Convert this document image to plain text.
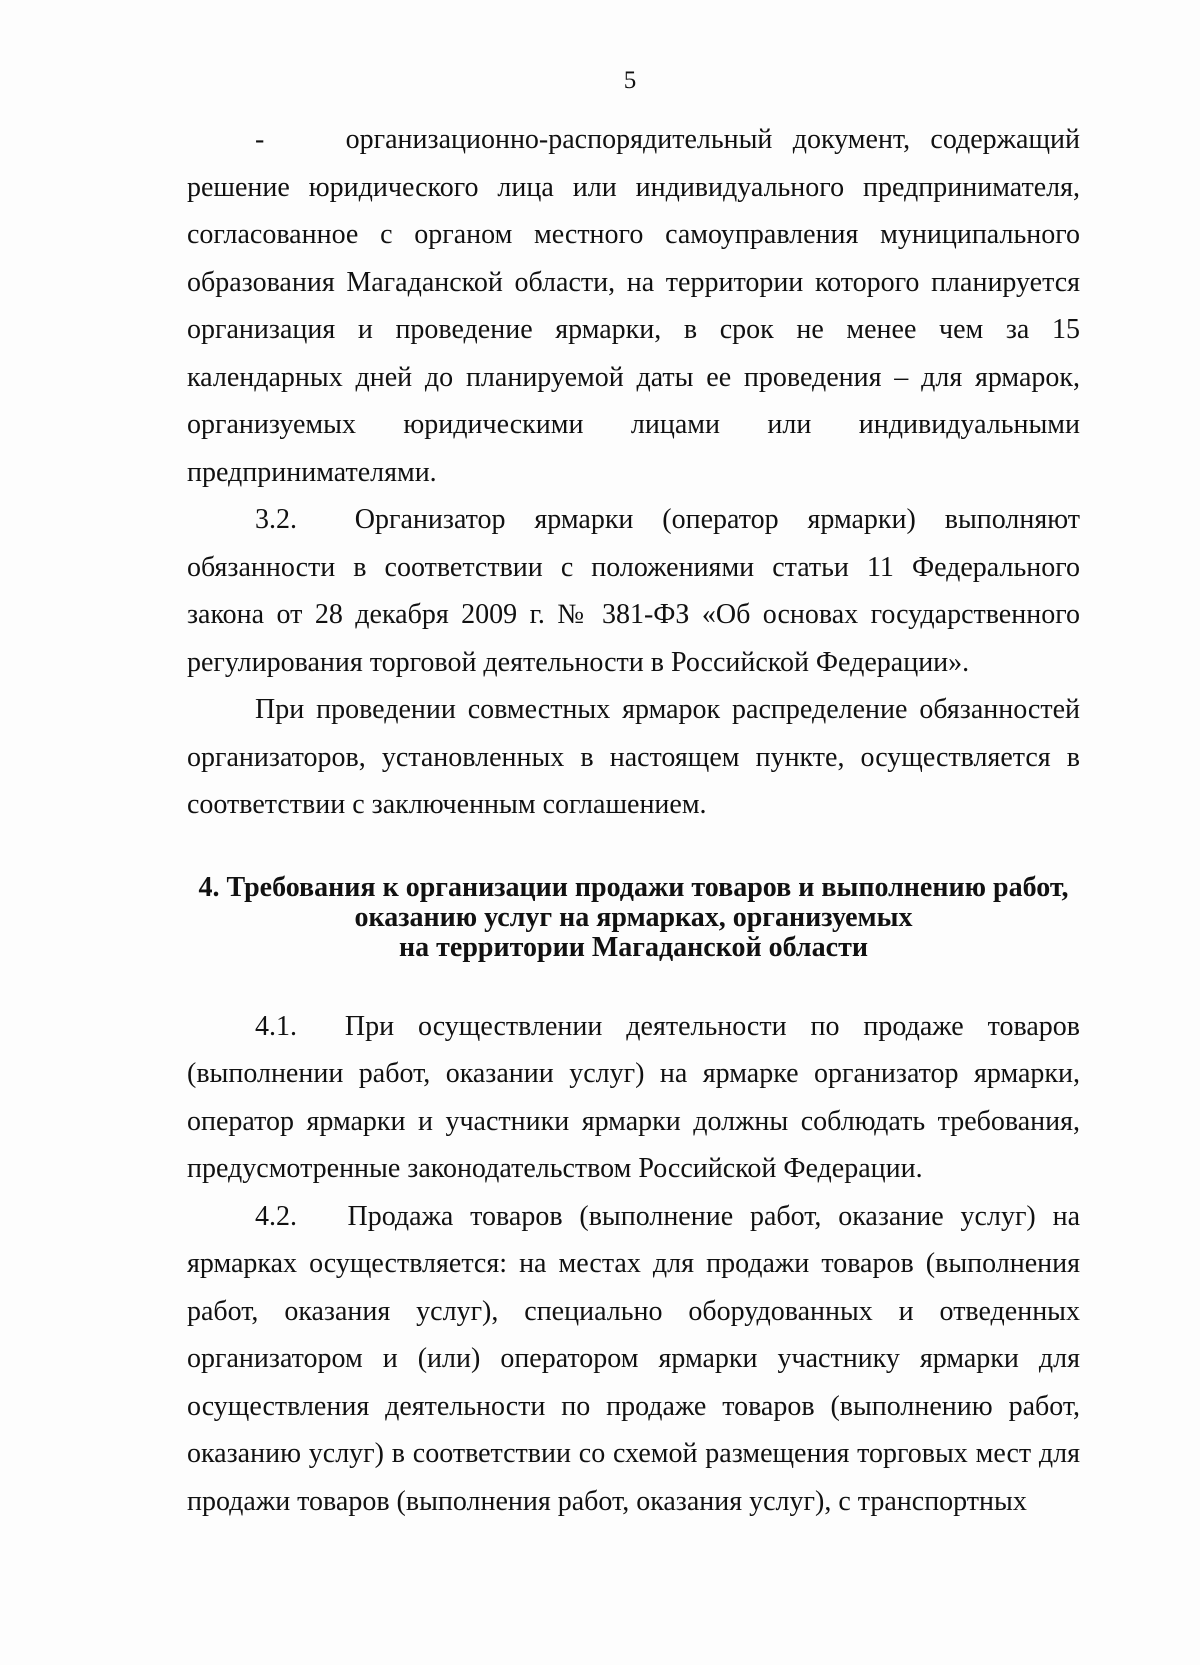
5

-    организационно-распорядительный документ, содержащий решение юридического лица или индивидуального предпринимателя, согласованное с органом местного самоуправления муниципального образования Магаданской области, на территории которого планируется организация и проведение ярмарки, в срок не менее чем за 15 календарных дней до планируемой даты ее проведения – для ярмарок, организуемых юридическими лицами или индивидуальными предпринимателями.

3.2.  Организатор ярмарки (оператор ярмарки) выполняют обязанности в соответствии с положениями статьи 11 Федерального закона от 28 декабря 2009 г. № 381-ФЗ «Об основах государственного регулирования торговой деятельности в Российской Федерации».

При проведении совместных ярмарок распределение обязанностей организаторов, установленных в настоящем пункте, осуществляется в соответствии с заключенным соглашением.

4. Требования к организации продажи товаров и выполнению работ,
оказанию услуг на ярмарках, организуемых
на территории Магаданской области

4.1.  При осуществлении деятельности по продаже товаров (выполнении работ, оказании услуг) на ярмарке организатор ярмарки, оператор ярмарки и участники ярмарки должны соблюдать требования, предусмотренные законодательством Российской Федерации.

4.2.   Продажа товаров (выполнение работ, оказание услуг) на ярмарках осуществляется: на местах для продажи товаров (выполнения работ, оказания услуг), специально оборудованных и отведенных организатором и (или) оператором ярмарки участнику ярмарки для осуществления деятельности по продаже товаров (выполнению работ, оказанию услуг) в соответствии со схемой размещения торговых мест для продажи товаров (выполнения работ, оказания услуг), с транспортных
